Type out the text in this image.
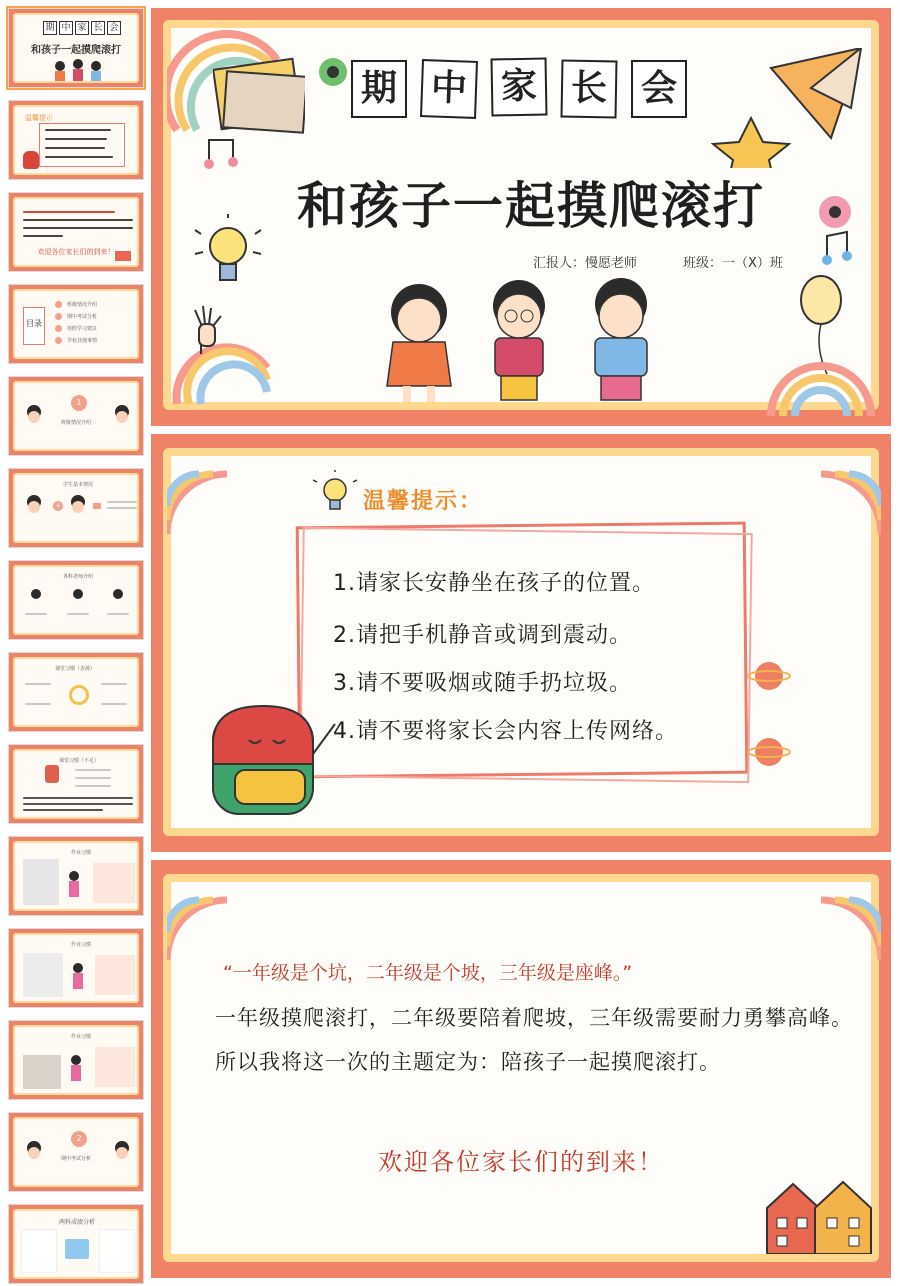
期 中 家 长 会
和孩子一起摸爬滚打
温馨提示
欢迎各位家长们的到来！
目录
班级情况介绍
期中考试分析
寒假学习建议
学校其他事情
1
班级情况介绍
学生基本情况
+
各科老师介绍
课堂习惯（表扬）
课堂习惯（不足）
作业习惯
作业习惯
作业习惯
2
期中考试分析
两科成绩分析
期 中 家 长 会
和孩子一起摸爬滚打
汇报人：慢愿老师	班级：一（X）班
温馨提示：
1.请家长安静坐在孩子的位置。
2.请把手机静音或调到震动。
3.请不要吸烟或随手扔垃圾。
4.请不要将家长会内容上传网络。
“一年级是个坑，二年级是个坡，三年级是座峰。”
一年级摸爬滚打，二年级要陪着爬坡，三年级需要耐力勇攀高峰。所以我将这一次的主题定为：陪孩子一起摸爬滚打。
欢迎各位家长们的到来！
